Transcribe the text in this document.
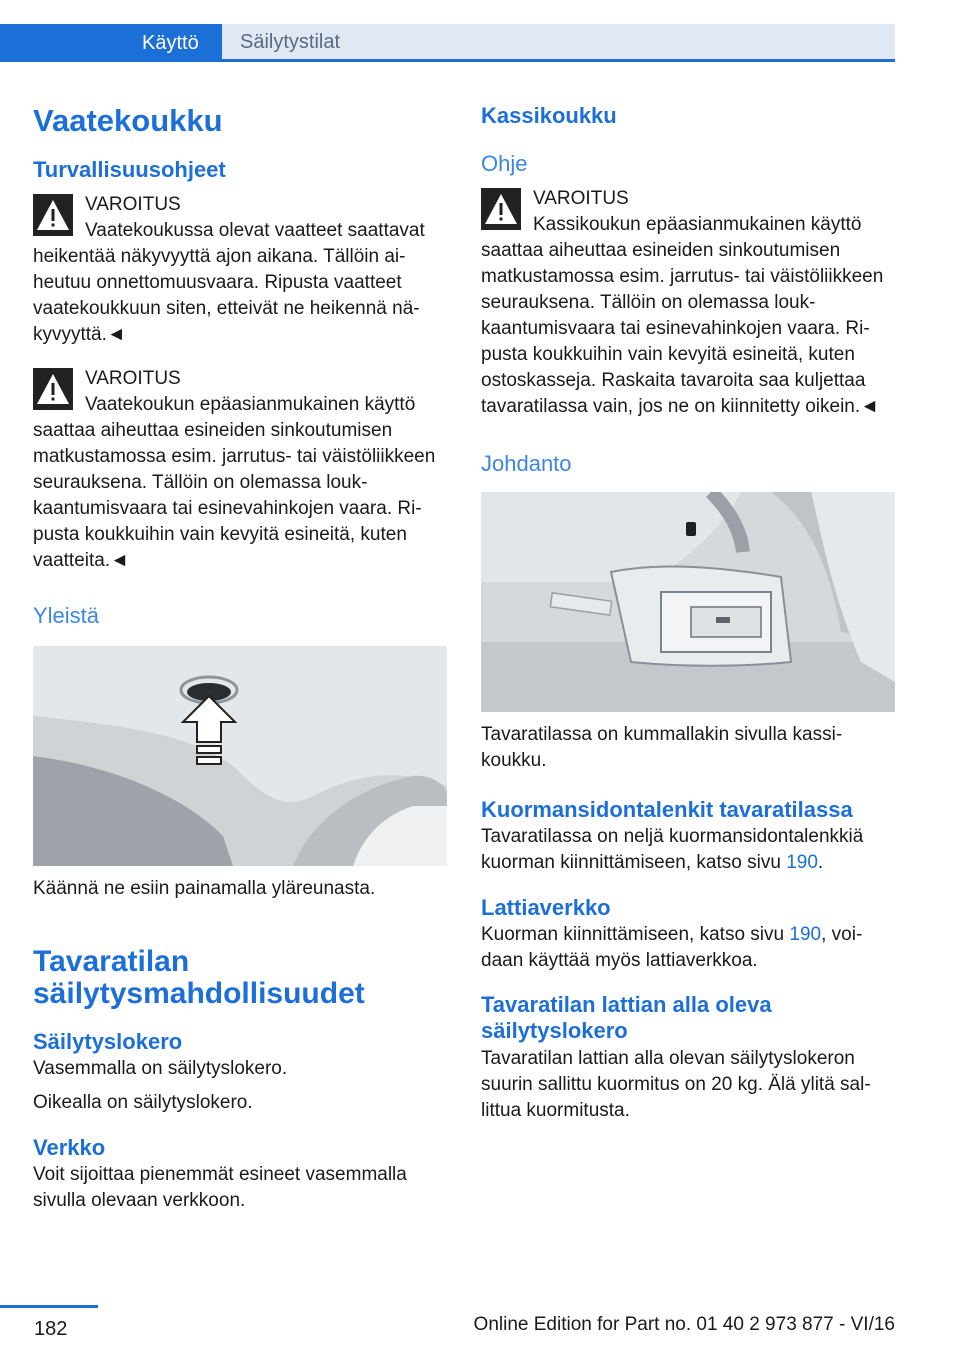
Käyttö	Säilytystilat
Vaatekoukku
Turvallisuusohjeet

VAROITUS

Vaatekoukussa olevat vaatteet saattavat heikentää näkyvyyttä ajon aikana. Tällöin aiheutuu onnettomuusvaara. Ripusta vaatteet vaatekoukkuun siten, etteivät ne heikennä näkyvyyttä.◄

VAROITUS

Vaatekoukun epäasianmukainen käyttö saattaa aiheuttaa esineiden sinkoutumisen matkustamossa esim. jarrutus- tai väistöliikkeen seurauksena. Tällöin on olemassa loukkaantumisvaara tai esinevahinkojen vaara. Ripusta koukkuihin vain kevyitä esineitä, kuten vaatteita.◄

Yleistä

Käännä ne esiin painamalla yläreunasta.

Tavaratilan säilytysmahdollisuudet
Säilytyslokero

Vasemmalla on säilytyslokero.

Oikealla on säilytyslokero.

Verkko

Voit sijoittaa pienemmät esineet vasemmalla sivulla olevaan verkkoon.

Kassikoukku
Ohje

VAROITUS

Kassikoukun epäasianmukainen käyttö saattaa aiheuttaa esineiden sinkoutumisen matkustamossa esim. jarrutus- tai väistöliikkeen seurauksena. Tällöin on olemassa loukkaantumisvaara tai esinevahinkojen vaara. Ripusta koukkuihin vain kevyitä esineitä, kuten ostoskasseja. Raskaita tavaroita saa kuljettaa tavaratilassa vain, jos ne on kiinnitetty oikein.◄

Johdanto

Tavaratilassa on kummallakin sivulla kassikoukku.

Kuormansidontalenkit tavaratilassa

Tavaratilassa on neljä kuormansidontalenkkiä kuorman kiinnittämiseen, katso sivu 190.

Lattiaverkko

Kuorman kiinnittämiseen, katso sivu 190, voidaan käyttää myös lattiaverkkoa.

Tavaratilan lattian alla oleva säilytyslokero

Tavaratilan lattian alla olevan säilytyslokeron suurin sallittu kuormitus on 20 kg. Älä ylitä sallittua kuormitusta.

182	Online Edition for Part no. 01 40 2 973 877 - VI/16
